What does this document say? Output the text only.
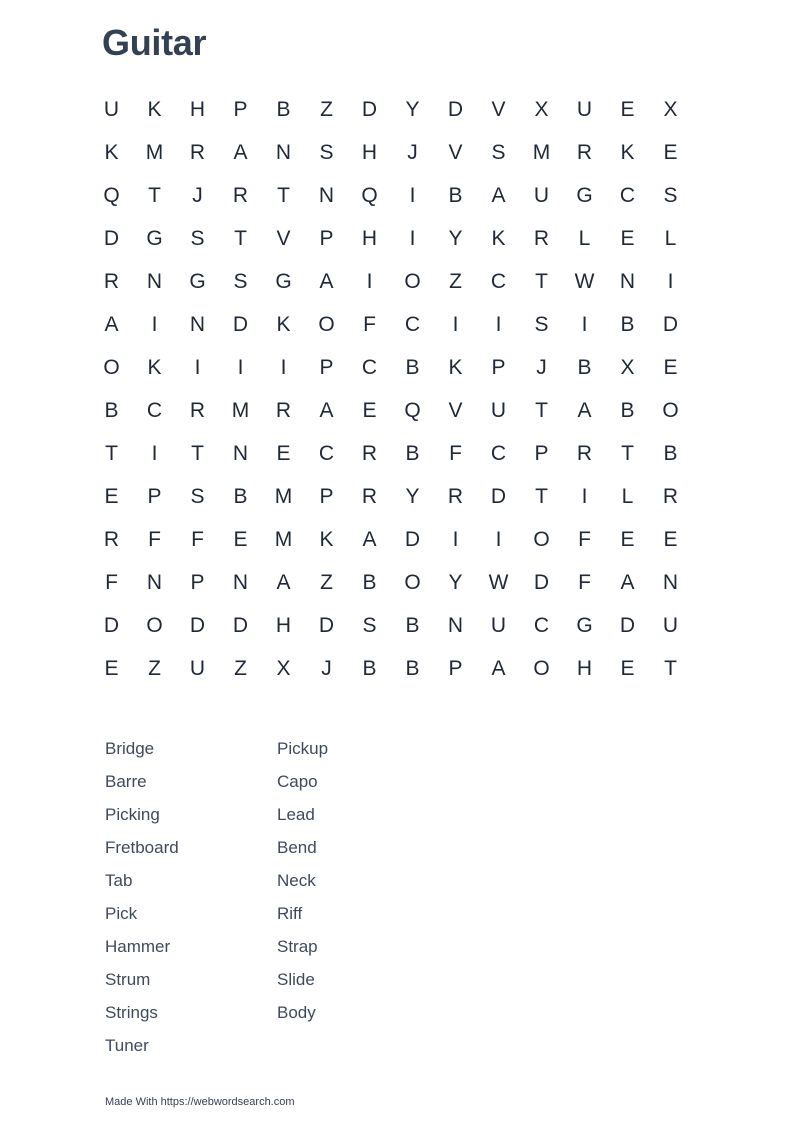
Guitar
U	K	H	P	B	Z	D	Y	D	V	X	U	E	X
K	M	R	A	N	S	H	J	V	S	M	R	K	E
Q	T	J	R	T	N	Q	I	B	A	U	G	C	S
D	G	S	T	V	P	H	I	Y	K	R	L	E	L
R	N	G	S	G	A	I	O	Z	C	T	W	N	I
A	I	N	D	K	O	F	C	I	I	S	I	B	D
O	K	I	I	I	P	C	B	K	P	J	B	X	E
B	C	R	M	R	A	E	Q	V	U	T	A	B	O
T	I	T	N	E	C	R	B	F	C	P	R	T	B
E	P	S	B	M	P	R	Y	R	D	T	I	L	R
R	F	F	E	M	K	A	D	I	I	O	F	E	E
F	N	P	N	A	Z	B	O	Y	W	D	F	A	N
D	O	D	D	H	D	S	B	N	U	C	G	D	U
E	Z	U	Z	X	J	B	B	P	A	O	H	E	T
Bridge
Barre
Picking
Fretboard
Tab
Pick
Hammer
Strum
Strings
Tuner
Pickup
Capo
Lead
Bend
Neck
Riff
Strap
Slide
Body
Made With https://webwordsearch.com
